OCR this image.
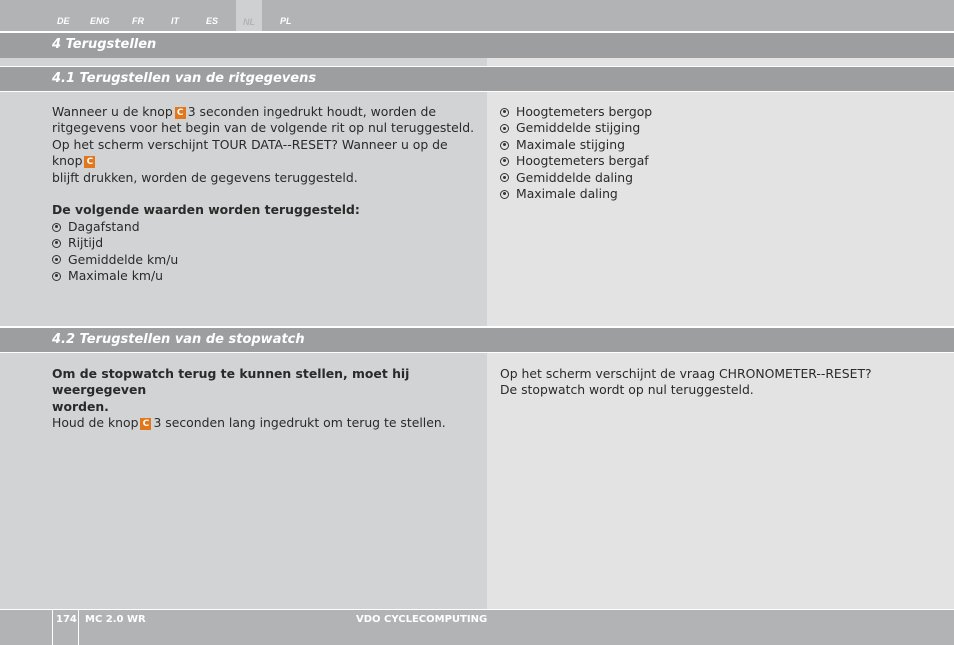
DE ENG FR	IT	ES	NL	PL
4 Terugstellen
4.1 Terugstellen van de ritgegevens
Wanneer u de knop C 3 seconden ingedrukt houdt, worden de
ritgegevens voor het begin van de volgende rit op nul teruggesteld.
Op het scherm verschijnt TOUR DATA--RESET? Wanneer u op de knop C
blijft drukken, worden de gegevens teruggesteld.
De volgende waarden worden teruggesteld:
Dagafstand
Rijtijd
Gemiddelde km/u
Maximale km/u
Hoogtemeters bergop
Gemiddelde stijging
Maximale stijging
Hoogtemeters bergaf
Gemiddelde daling
Maximale daling
4.2 Terugstellen van de stopwatch
Om de stopwatch terug te kunnen stellen, moet hij weergegeven
worden.
Houd de knop C 3 seconden lang ingedrukt om terug te stellen.
Op het scherm verschijnt de vraag CHRONOMETER--RESET?
De stopwatch wordt op nul teruggesteld.
174 MC 2.0 WR	VDO CYCLECOMPUTING
